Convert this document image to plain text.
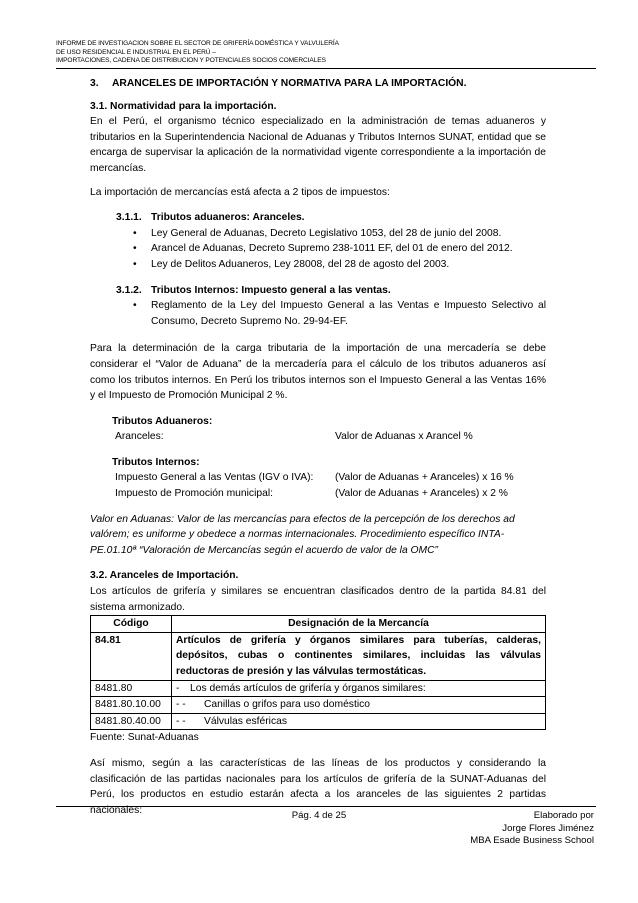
INFORME DE INVESTIGACION SOBRE EL SECTOR DE GRIFERÍA DOMÉSTICA Y VALVULERÍA
DE USO RESIDENCIAL E INDUSTRIAL EN EL PERÚ –
IMPORTACIONES, CADENA DE DISTRIBUCION Y POTENCIALES SOCIOS COMERCIALES
3. ARANCELES DE IMPORTACIÓN Y NORMATIVA PARA LA IMPORTACIÓN.
3.1. Normatividad para la importación.

En el Perú, el organismo técnico especializado en la administración de temas aduaneros y tributarios en la Superintendencia Nacional de Aduanas y Tributos Internos SUNAT, entidad que se encarga de supervisar la aplicación de la normatividad vigente correspondiente a la importación de mercancías.

La importación de mercancías está afecta a 2 tipos de impuestos:

3.1.1. Tributos aduaneros: Aranceles.
• Ley General de Aduanas, Decreto Legislativo 1053, del 28 de junio del 2008.
• Arancel de Aduanas, Decreto Supremo 238-1011 EF, del 01 de enero del 2012.
• Ley de Delitos Aduaneros, Ley 28008, del 28 de agosto del 2003.
3.1.2. Tributos Internos: Impuesto general a las ventas.
• Reglamento de la Ley del Impuesto General a las Ventas e Impuesto Selectivo al Consumo, Decreto Supremo No. 29-94-EF.

Para la determinación de la carga tributaria de la importación de una mercadería se debe considerar el “Valor de Aduana” de la mercadería para el cálculo de los tributos aduaneros así como los tributos internos. En Perú los tributos internos son el Impuesto General a las Ventas 16% y el Impuesto de Promoción Municipal 2 %.

Tributos Aduaneros:
Aranceles:	Valor de Aduanas x Arancel %
Tributos Internos:
Impuesto General a las Ventas (IGV o IVA):	(Valor de Aduanas + Aranceles) x 16 %
Impuesto de Promoción municipal:	(Valor de Aduanas + Aranceles) x 2 %

Valor en Aduanas: Valor de las mercancías para efectos de la percepción de los derechos ad valórem; es uniforme y obedece a normas internacionales. Procedimiento específico INTA-PE.01.10ª “Valoración de Mercancías según el acuerdo de valor de la OMC”

3.2. Aranceles de Importación.

Los artículos de grifería y similares se encuentran clasificados dentro de la partida 84.81 del sistema armonizado.

Código	Designación de la Mercancía
84.81	Artículos de grifería y órganos similares para tuberías, calderas, depósitos, cubas o continentes similares, incluidas las válvulas reductoras de presión y las válvulas termostáticas.
8481.80	- Los demás artículos de grifería y órganos similares:
8481.80.10.00	- - Canillas o grifos para uso doméstico
8481.80.40.00	- - Válvulas esféricas
Fuente: Sunat-Aduanas

Así mismo, según a las características de las líneas de los productos y considerando la clasificación de las partidas nacionales para los artículos de grifería de la SUNAT-Aduanas del Perú, los productos en estudio estarán afecta a los aranceles de las siguientes 2 partidas nacionales:	Pág. 4 de 25	Elaborado por
Jorge Flores Jiménez
MBA Esade Business School
